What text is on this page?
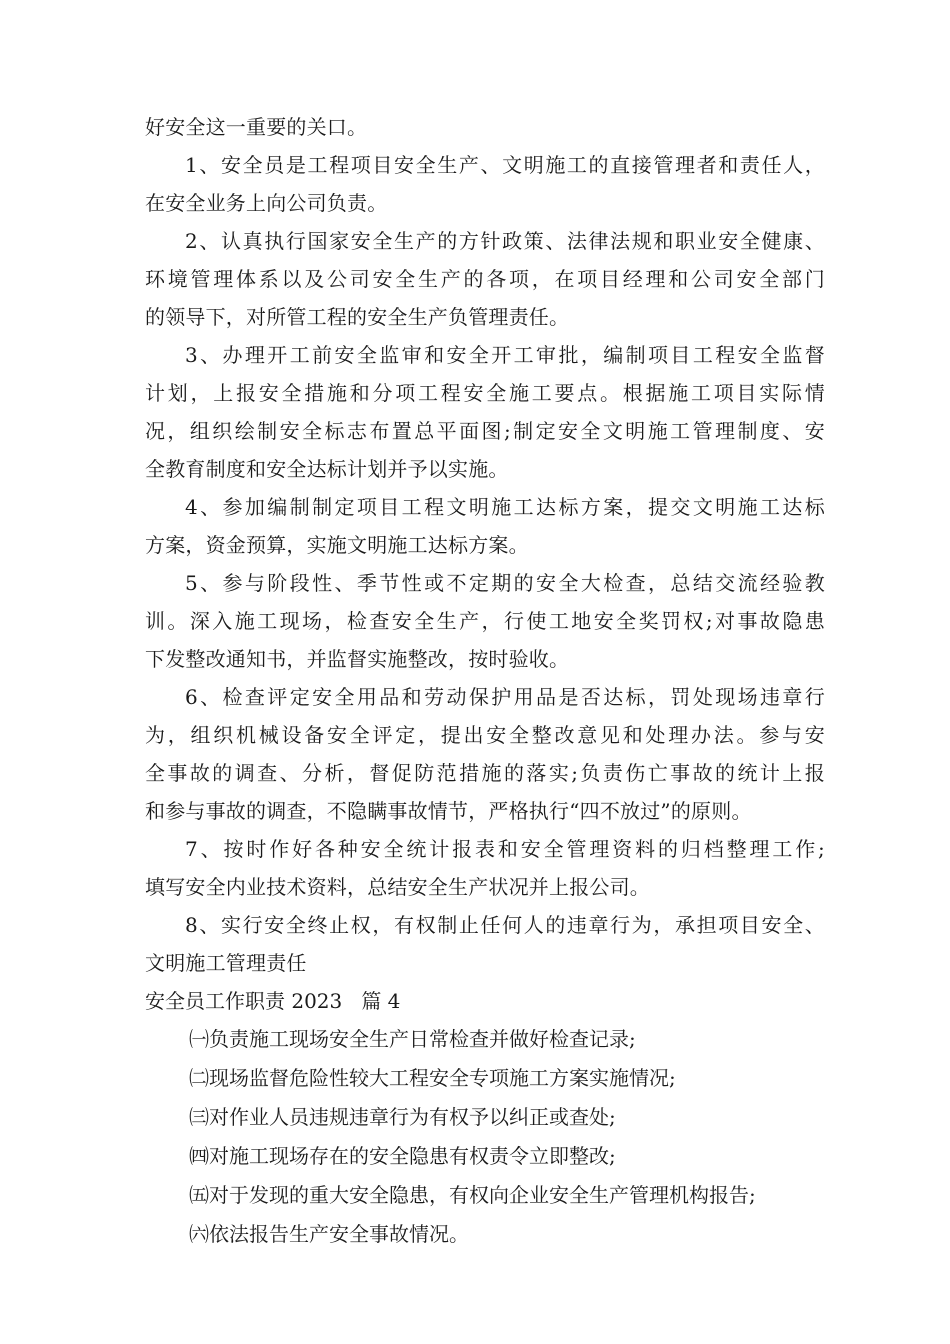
好安全这一重要的关口。
1、安全员是工程项目安全生产、文明施工的直接管理者和责任人，
在安全业务上向公司负责。
2、认真执行国家安全生产的方针政策、法律法规和职业安全健康、
环境管理体系以及公司安全生产的各项，在项目经理和公司安全部门
的领导下，对所管工程的安全生产负管理责任。
3、办理开工前安全监审和安全开工审批，编制项目工程安全监督
计划，上报安全措施和分项工程安全施工要点。根据施工项目实际情
况，组织绘制安全标志布置总平面图;制定安全文明施工管理制度、安
全教育制度和安全达标计划并予以实施。
4、参加编制制定项目工程文明施工达标方案，提交文明施工达标
方案，资金预算，实施文明施工达标方案。
5、参与阶段性、季节性或不定期的安全大检查，总结交流经验教
训。深入施工现场，检查安全生产，行使工地安全奖罚权;对事故隐患
下发整改通知书，并监督实施整改，按时验收。
6、检查评定安全用品和劳动保护用品是否达标，罚处现场违章行
为，组织机械设备安全评定，提出安全整改意见和处理办法。参与安
全事故的调查、分析，督促防范措施的落实;负责伤亡事故的统计上报
和参与事故的调查，不隐瞒事故情节，严格执行“四不放过”的原则。
7、按时作好各种安全统计报表和安全管理资料的归档整理工作;
填写安全内业技术资料，总结安全生产状况并上报公司。
8、实行安全终止权，有权制止任何人的违章行为，承担项目安全、
文明施工管理责任
安全员工作职责 2023   篇 4
㈠负责施工现场安全生产日常检查并做好检查记录;
㈡现场监督危险性较大工程安全专项施工方案实施情况;
㈢对作业人员违规违章行为有权予以纠正或查处;
㈣对施工现场存在的安全隐患有权责令立即整改;
㈤对于发现的重大安全隐患，有权向企业安全生产管理机构报告;
㈥依法报告生产安全事故情况。
